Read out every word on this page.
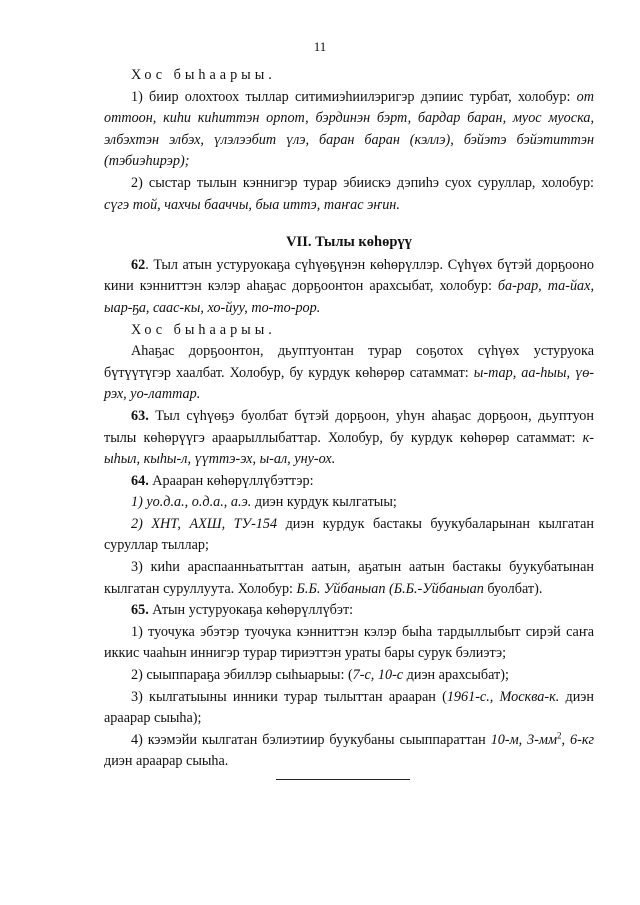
11

Хос быhаарыы.

1) биир олохтоох тыллар ситимиэhиилэригэр дэпиис турбат, холобур: от оттоон, киhи киhиттэн орпот, бэрдинэн бэрт, бардар баран, муос муоска, элбэхтэн элбэх, үлэлээбит үлэ, баран баран (кэллэ), бэйэтэ бэйэтиттэн (тэбиэhирэр);

2) сыстар тылын кэннигэр турар эбиискэ дэпиhэ суох суруллар, холобур: сүгэ той, чахчы бааччы, быа иттэ, таҥас эҥин.

VII. Тылы көhөрүү

62. Тыл атын устуруокаҕа сүhүөҕүнэн көhөрүллэр. Сүhүөх бүтэй дорҕооно кини кэнниттэн кэлэр аhаҕас дорҕоонтон арахсыбат, холобур: ба-рар, та-йах, ыар-ҕа, саас-кы, хо-йуу, то-то-рор.

Хос быhаарыы.

Аhаҕас дорҕоонтон, дьуптуонтан турар соҕотох сүhүөх устуруока бүтүүтүгэр хаалбат. Холобур, бу курдук көhөрөр сатаммат: ы-тар, аа-hыы, үө-рэх, уо-латтар.

63. Тыл сүhүөҕэ буолбат бүтэй дорҕоон, уhун аhаҕас дорҕоон, дьуптуон тылы көhөрүүгэ араарыллыбаттар. Холобур, бу курдук көhөрөр сатаммат: к-ыhыл, кыhы-л, үүттэ-эх, ы-ал, уну-ох.

64. Арааран көhөрүллүбэттэр:

1) уо.д.а., о.д.а., а.э. диэн курдук кылгатыы;

2) ХНТ, АХШ, ТУ-154 диэн курдук бастакы буукубаларынан кылгатан суруллар тыллар;

3) киhи араспаанньатыттан аатын, аҕатын аатын бастакы буукубатынан кылгатан суруллуута. Холобур: Б.Б. Уйбаныап (Б.Б.-Уйбаныап буолбат).

65. Атын устуруокаҕа көhөрүллүбэт:

1) туочука эбэтэр туочука кэнниттэн кэлэр быhа тардыллыбыт сирэй саҥа иккис чааhын иннигэр турар тириэттэн ураты бары сурук бэлиэтэ;

2) сыыппараҕа эбиллэр сыhыарыы: (7-с, 10-с диэн арахсыбат);

3) кылгатыыны инники турар тылыттан арааран (1961-с., Москва-к. диэн араарар сыыhа);

4) кээмэйи кылгатан бэлиэтиир буукубаны сыыппараттан 10-м, $3-мм^2$, 6-кг диэн араарар сыыhа.
